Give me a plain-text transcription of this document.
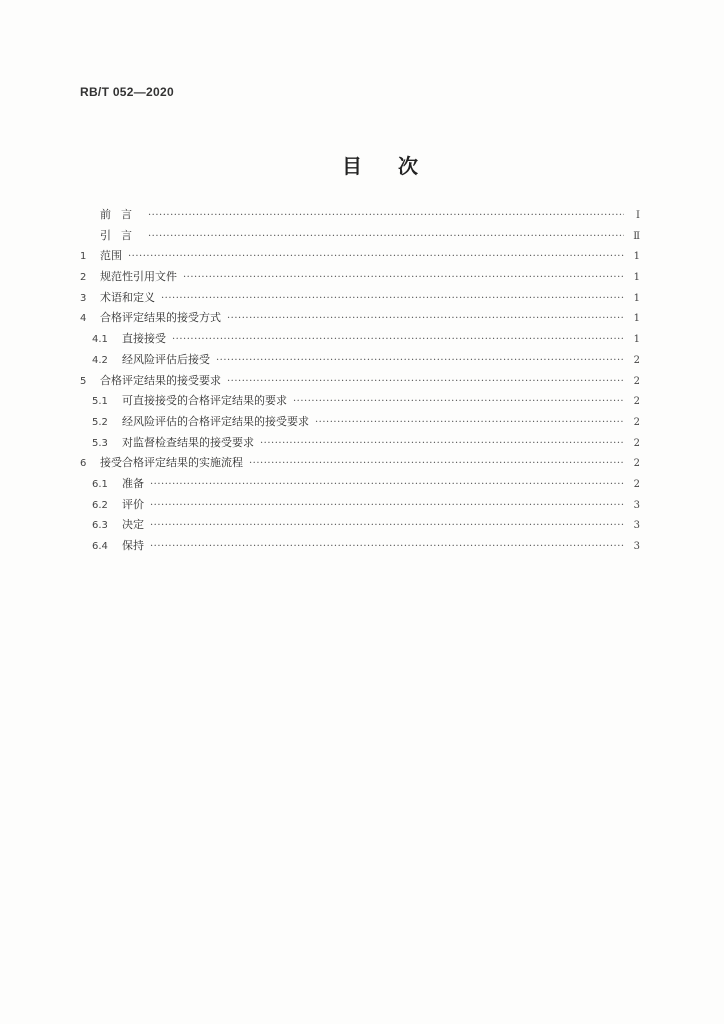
RB/T 052—2020
目次
前言 ·····	Ⅰ
引言 ·····	Ⅱ
1	范围 ·····	1
2	规范性引用文件 ·····	1
3	术语和定义 ·····	1
4	合格评定结果的接受方式 ·····	1
4.1	直接接受 ·····	1
4.2	经风险评估后接受 ·····	2
5	合格评定结果的接受要求 ·····	2
5.1	可直接接受的合格评定结果的要求 ·····	2
5.2	经风险评估的合格评定结果的接受要求 ·····	2
5.3	对监督检查结果的接受要求 ·····	2
6	接受合格评定结果的实施流程 ·····	2
6.1	准备 ·····	2
6.2	评价 ·····	3
6.3	决定 ·····	3
6.4	保持 ·····	3
